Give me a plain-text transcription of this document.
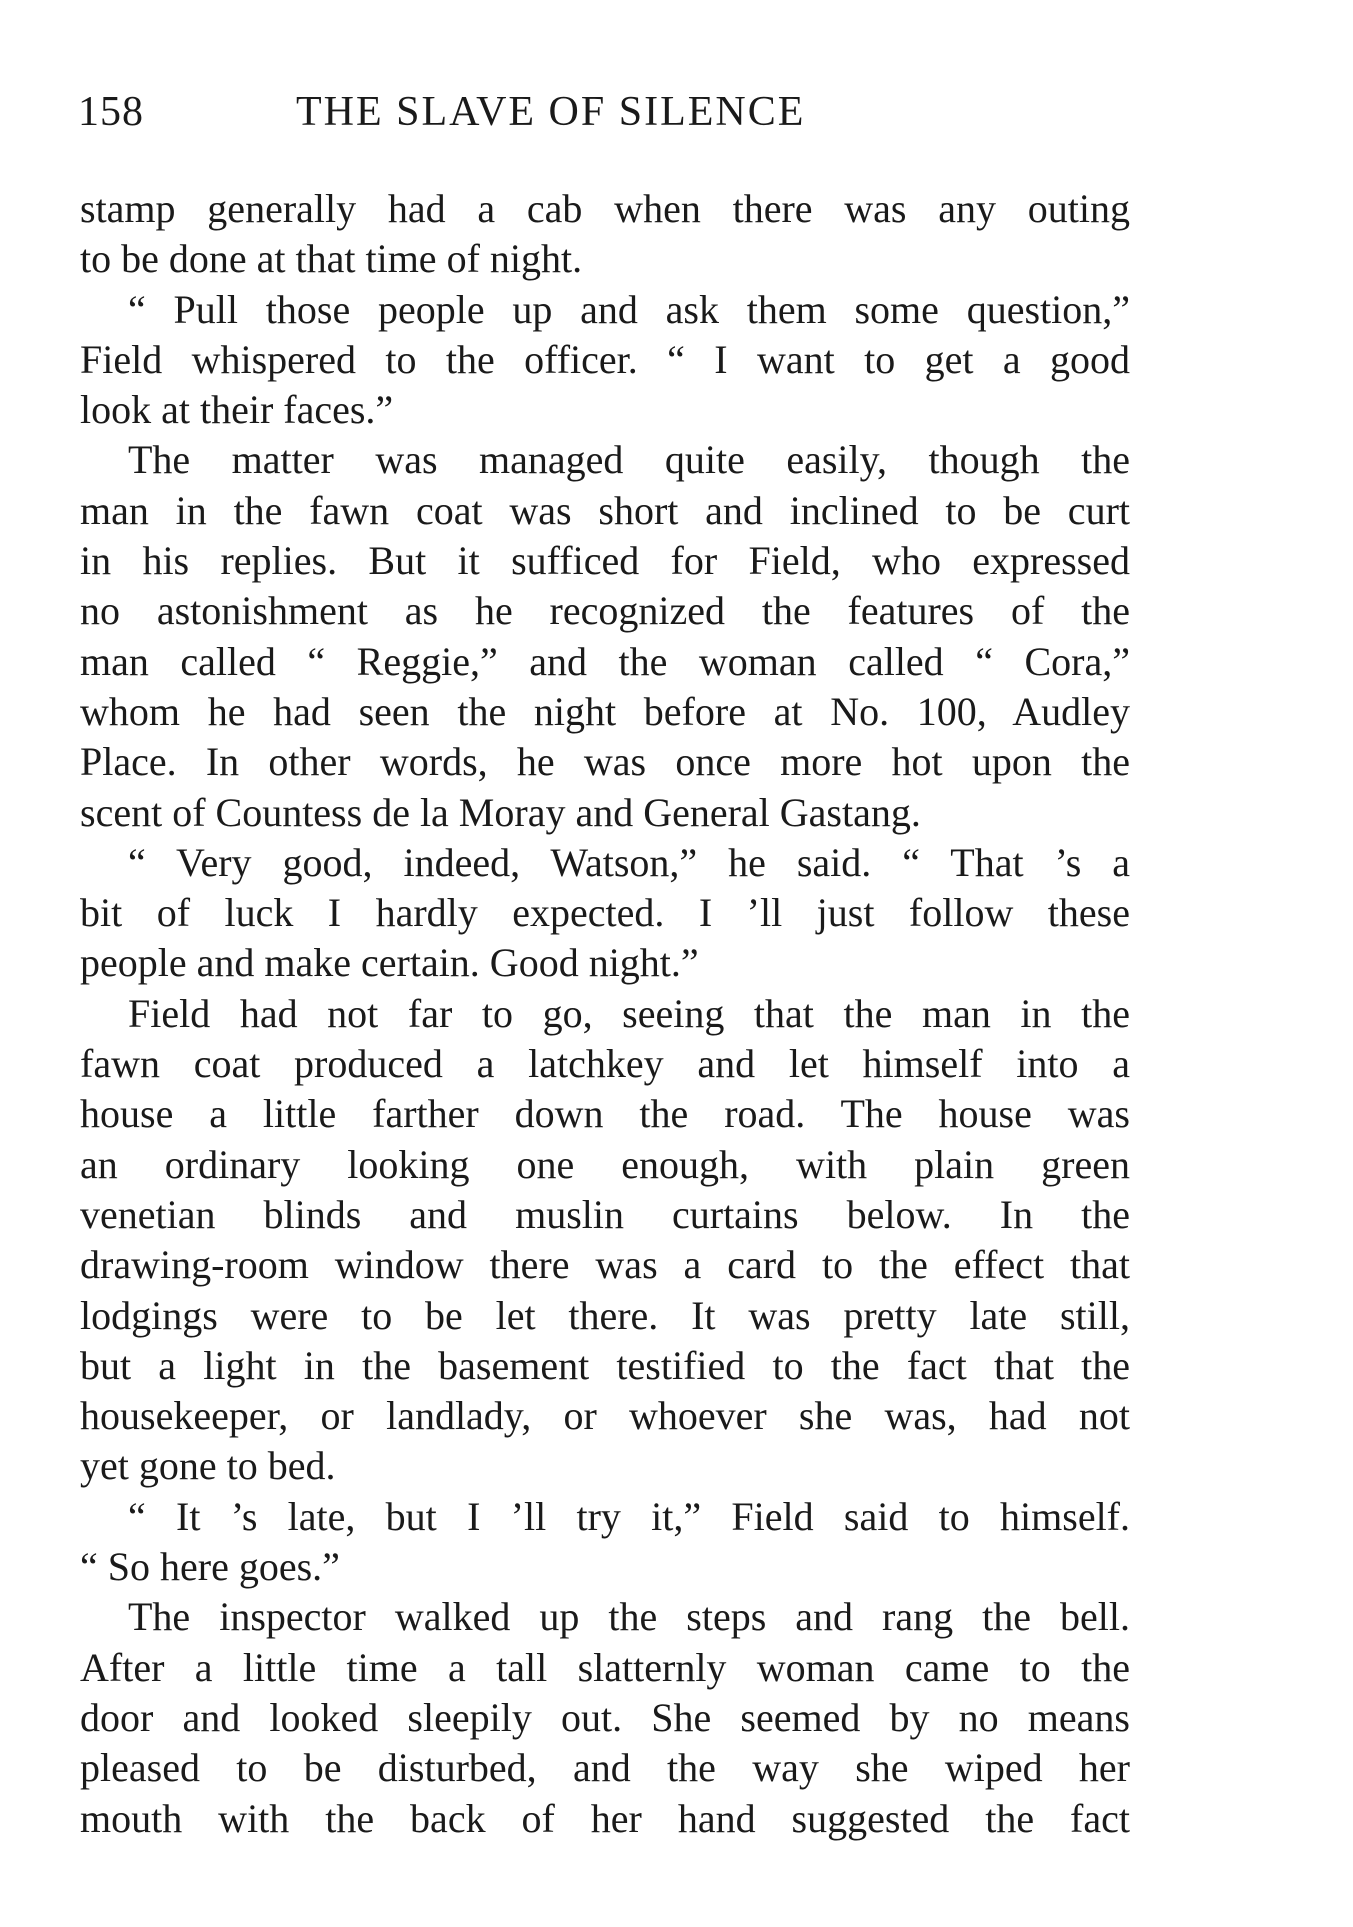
158	THE SLAVE OF SILENCE
stamp generally had a cab when there was any outing
to be done at that time of night.
“ Pull those people up and ask them some question,”
Field whispered to the officer. “ I want to get a good
look at their faces.”
The matter was managed quite easily, though the
man in the fawn coat was short and inclined to be curt
in his replies. But it sufficed for Field, who expressed
no astonishment as he recognized the features of the
man called “ Reggie,” and the woman called “ Cora,”
whom he had seen the night before at No. 100, Audley
Place. In other words, he was once more hot upon the
scent of Countess de la Moray and General Gastang.
“ Very good, indeed, Watson,” he said. “ That ’s a
bit of luck I hardly expected. I ’ll just follow these
people and make certain. Good night.”
Field had not far to go, seeing that the man in the
fawn coat produced a latchkey and let himself into a
house a little farther down the road. The house was
an ordinary looking one enough, with plain green
venetian blinds and muslin curtains below. In the
drawing-room window there was a card to the effect that
lodgings were to be let there. It was pretty late still,
but a light in the basement testified to the fact that the
housekeeper, or landlady, or whoever she was, had not
yet gone to bed.
“ It ’s late, but I ’ll try it,” Field said to himself.
“ So here goes.”
The inspector walked up the steps and rang the bell.
After a little time a tall slatternly woman came to the
door and looked sleepily out. She seemed by no means
pleased to be disturbed, and the way she wiped her
mouth with the back of her hand suggested the fact
